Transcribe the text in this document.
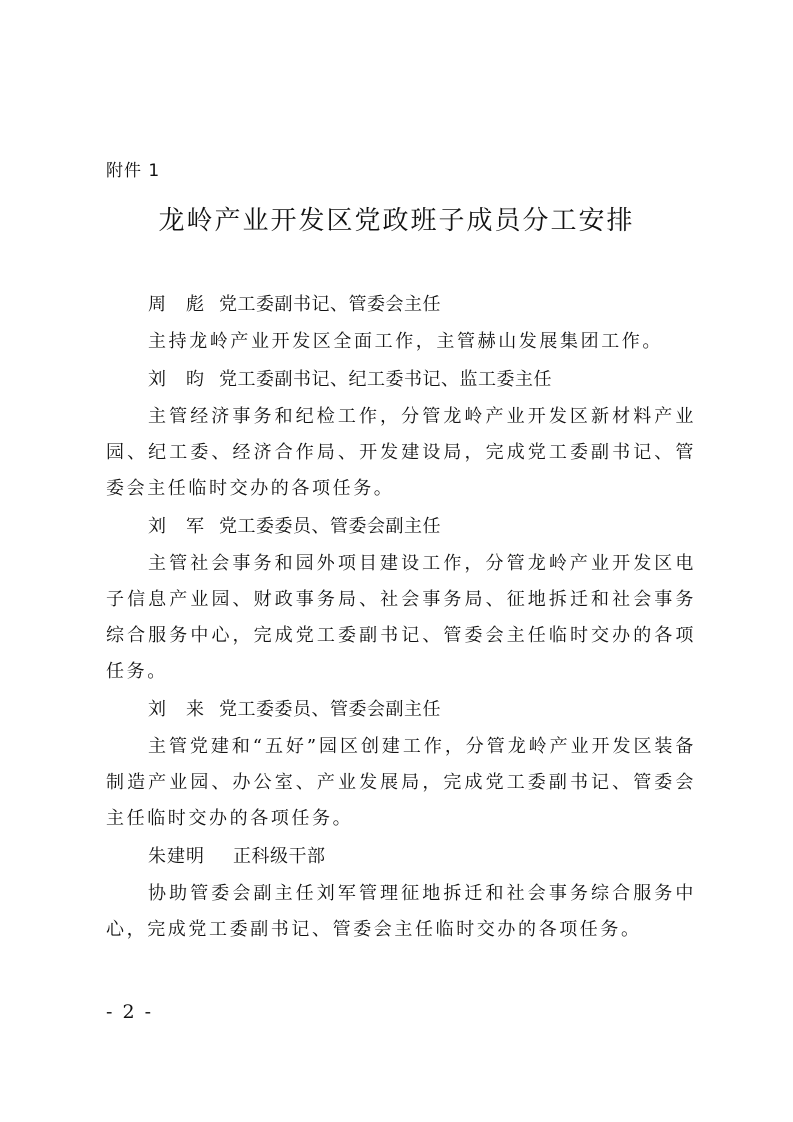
附件 1
龙岭产业开发区党政班子成员分工安排
周　彪 党工委副书记、管委会主任

主持龙岭产业开发区全面工作，主管赫山发展集团工作。

刘　昀 党工委副书记、纪工委书记、监工委主任

主管经济事务和纪检工作，分管龙岭产业开发区新材料产业园、纪工委、经济合作局、开发建设局，完成党工委副书记、管委会主任临时交办的各项任务。

刘　军 党工委委员、管委会副主任

主管社会事务和园外项目建设工作，分管龙岭产业开发区电子信息产业园、财政事务局、社会事务局、征地拆迁和社会事务综合服务中心，完成党工委副书记、管委会主任临时交办的各项任务。

刘　来 党工委委员、管委会副主任

主管党建和“五好”园区创建工作，分管龙岭产业开发区装备制造产业园、办公室、产业发展局，完成党工委副书记、管委会主任临时交办的各项任务。

朱建明 正科级干部

协助管委会副主任刘军管理征地拆迁和社会事务综合服务中心，完成党工委副书记、管委会主任临时交办的各项任务。

- 2 -
